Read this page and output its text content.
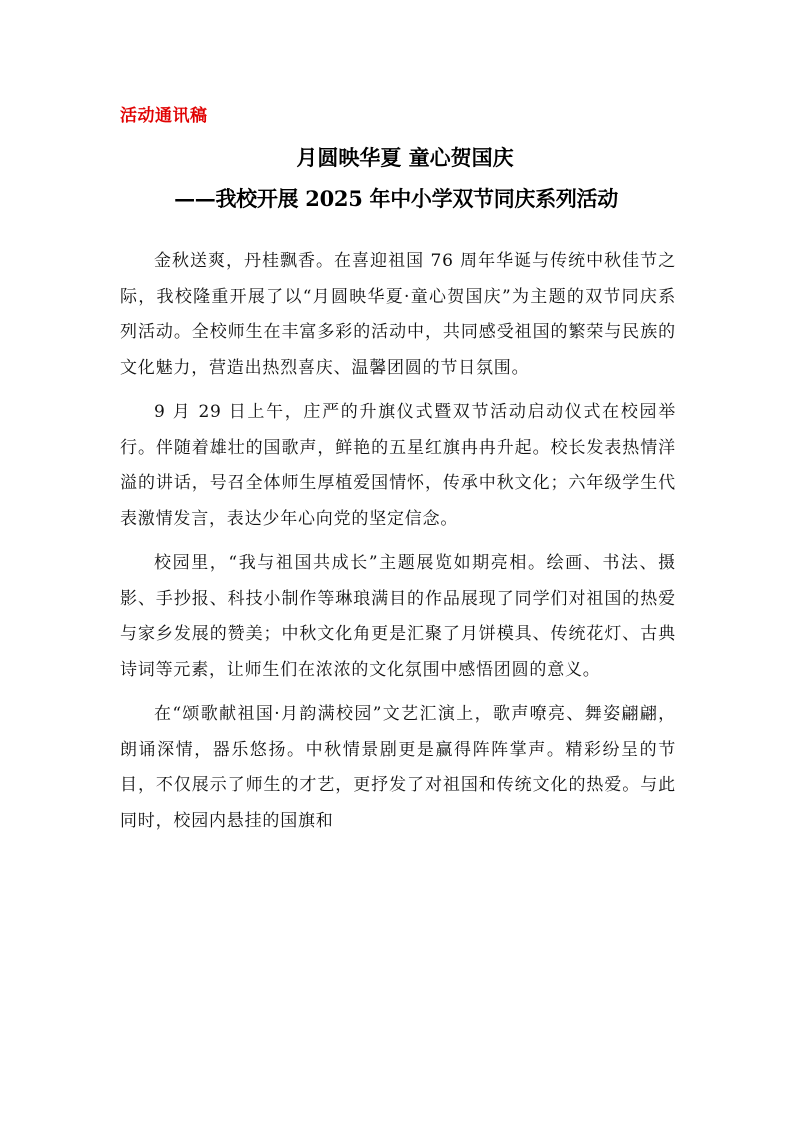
活动通讯稿
月圆映华夏 童心贺国庆
——我校开展 2025 年中小学双节同庆系列活动

金秋送爽，丹桂飘香。在喜迎祖国 76 周年华诞与传统中秋佳节之际，我校隆重开展了以“月圆映华夏·童心贺国庆”为主题的双节同庆系列活动。全校师生在丰富多彩的活动中，共同感受祖国的繁荣与民族的文化魅力，营造出热烈喜庆、温馨团圆的节日氛围。

9 月 29 日上午，庄严的升旗仪式暨双节活动启动仪式在校园举行。伴随着雄壮的国歌声，鲜艳的五星红旗冉冉升起。校长发表热情洋溢的讲话，号召全体师生厚植爱国情怀，传承中秋文化；六年级学生代表激情发言，表达少年心向党的坚定信念。

校园里，“我与祖国共成长”主题展览如期亮相。绘画、书法、摄影、手抄报、科技小制作等琳琅满目的作品展现了同学们对祖国的热爱与家乡发展的赞美；中秋文化角更是汇聚了月饼模具、传统花灯、古典诗词等元素，让师生们在浓浓的文化氛围中感悟团圆的意义。

在“颂歌献祖国·月韵满校园”文艺汇演上，歌声嘹亮、舞姿翩翩，朗诵深情，器乐悠扬。中秋情景剧更是赢得阵阵掌声。精彩纷呈的节目，不仅展示了师生的才艺，更抒发了对祖国和传统文化的热爱。与此同时，校园内悬挂的国旗和
